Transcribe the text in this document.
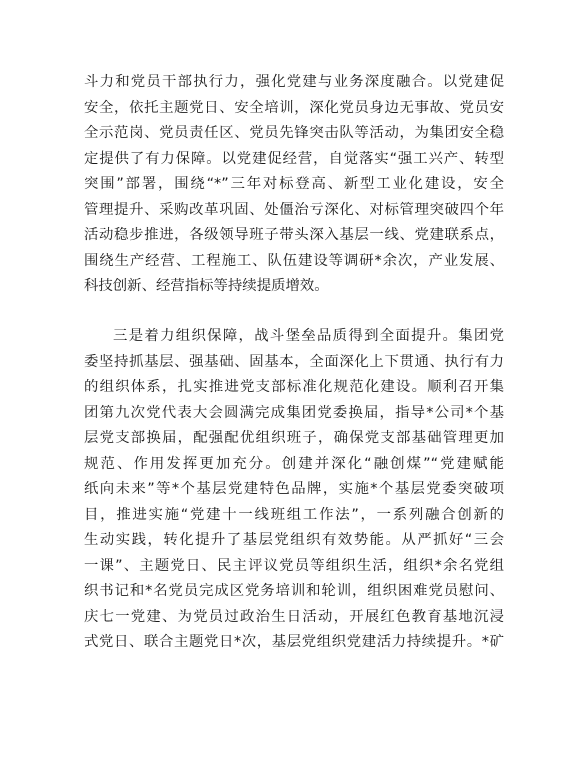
斗力和党员干部执行力，强化党建与业务深度融合。以党建促
安全，依托主题党日、安全培训，深化党员身边无事故、党员安
全示范岗、党员责任区、党员先锋突击队等活动，为集团安全稳
定提供了有力保障。以党建促经营，自觉落实“强工兴产、转型
突围”部署，围绕“*”三年对标登高、新型工业化建设，安全
管理提升、采购改革巩固、处僵治亏深化、对标管理突破四个年
活动稳步推进，各级领导班子带头深入基层一线、党建联系点，
围绕生产经营、工程施工、队伍建设等调研*余次，产业发展、
科技创新、经营指标等持续提质增效。
三是着力组织保障，战斗堡垒品质得到全面提升。集团党
委坚持抓基层、强基础、固基本，全面深化上下贯通、执行有力
的组织体系，扎实推进党支部标准化规范化建设。顺利召开集
团第九次党代表大会圆满完成集团党委换届，指导*公司*个基
层党支部换届，配强配优组织班子，确保党支部基础管理更加
规范、作用发挥更加充分。创建并深化“融创煤”“党建赋能
纸向未来”等*个基层党建特色品牌，实施*个基层党委突破项
目，推进实施“党建十一线班组工作法”，一系列融合创新的
生动实践，转化提升了基层党组织有效势能。从严抓好“三会
一课”、主题党日、民主评议党员等组织生活，组织*余名党组
织书记和*名党员完成区党务培训和轮训，组织困难党员慰问、
庆七一党建、为党员过政治生日活动，开展红色教育基地沉浸
式党日、联合主题党日*次，基层党组织党建活力持续提升。*矿
